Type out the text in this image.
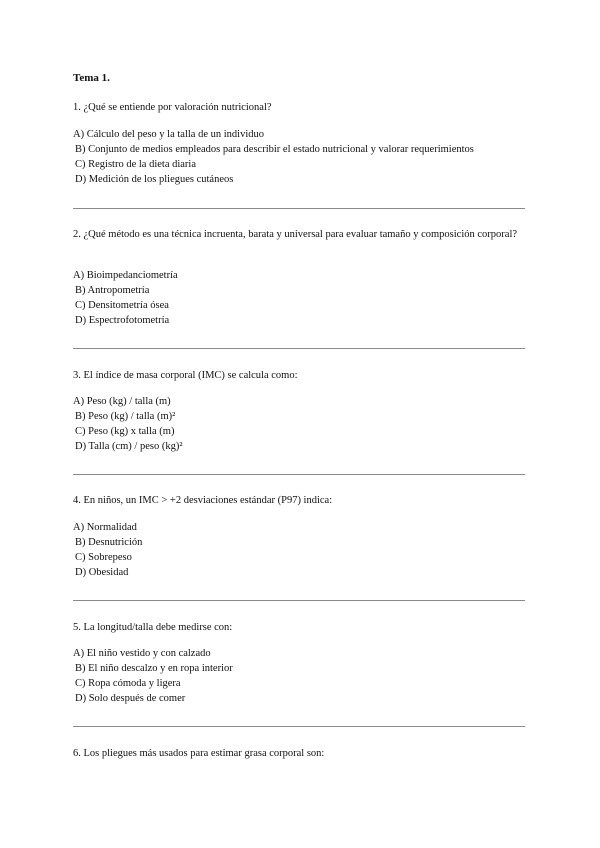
Tema 1.

1. ¿Qué se entiende por valoración nutricional?

A) Cálculo del peso y la talla de un individuo
B) Conjunto de medios empleados para describir el estado nutricional y valorar requerimientos
C) Registro de la dieta diaria
D) Medición de los pliegues cutáneos

2. ¿Qué método es una técnica incruenta, barata y universal para evaluar tamaño y composición corporal?

A) Bioimpedanciometría
B) Antropometría
C) Densitometría ósea
D) Espectrofotometría

3. El índice de masa corporal (IMC) se calcula como:

A) Peso (kg) / talla (m)
B) Peso (kg) / talla (m)²
C) Peso (kg) x talla (m)
D) Talla (cm) / peso (kg)²

4. En niños, un IMC > +2 desviaciones estándar (P97) indica:

A) Normalidad
B) Desnutrición
C) Sobrepeso
D) Obesidad

5. La longitud/talla debe medirse con:

A) El niño vestido y con calzado
B) El niño descalzo y en ropa interior
C) Ropa cómoda y ligera
D) Solo después de comer

6. Los pliegues más usados para estimar grasa corporal son:
